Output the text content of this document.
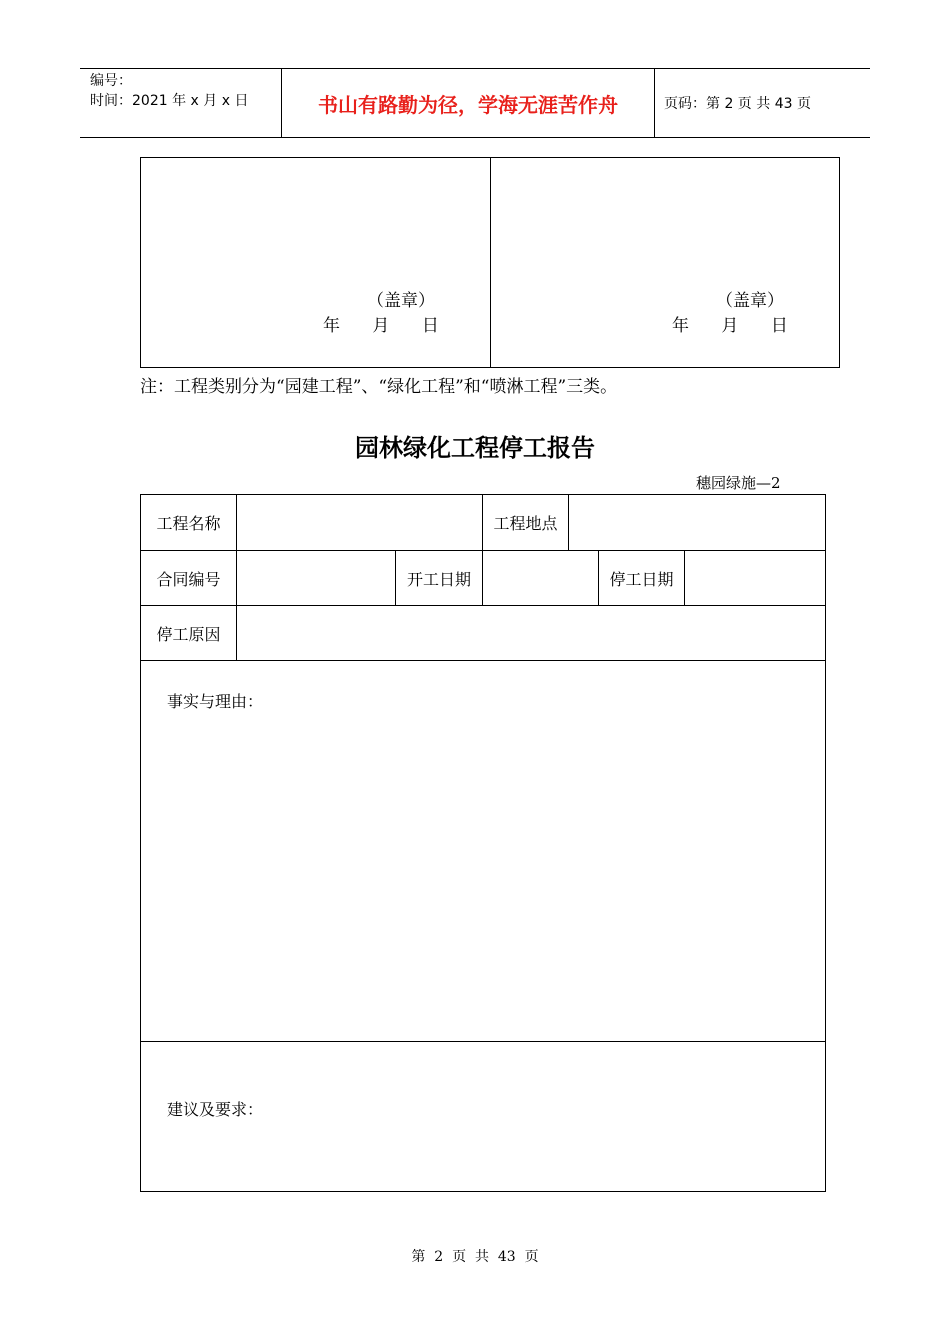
编号：
时间：2021 年 x 月 x 日	书山有路勤为径，学海无涯苦作舟	页码：第 2 页 共 43 页
（盖章）
年      月      日
（盖章）
年      月      日
注：工程类别分为“园建工程”、“绿化工程”和“喷淋工程”三类。
园林绿化工程停工报告
穗园绿施—2
工程名称	工程地点
合同编号	开工日期	停工日期
停工原因
事实与理由：
建议及要求：
第  2  页  共  43  页
